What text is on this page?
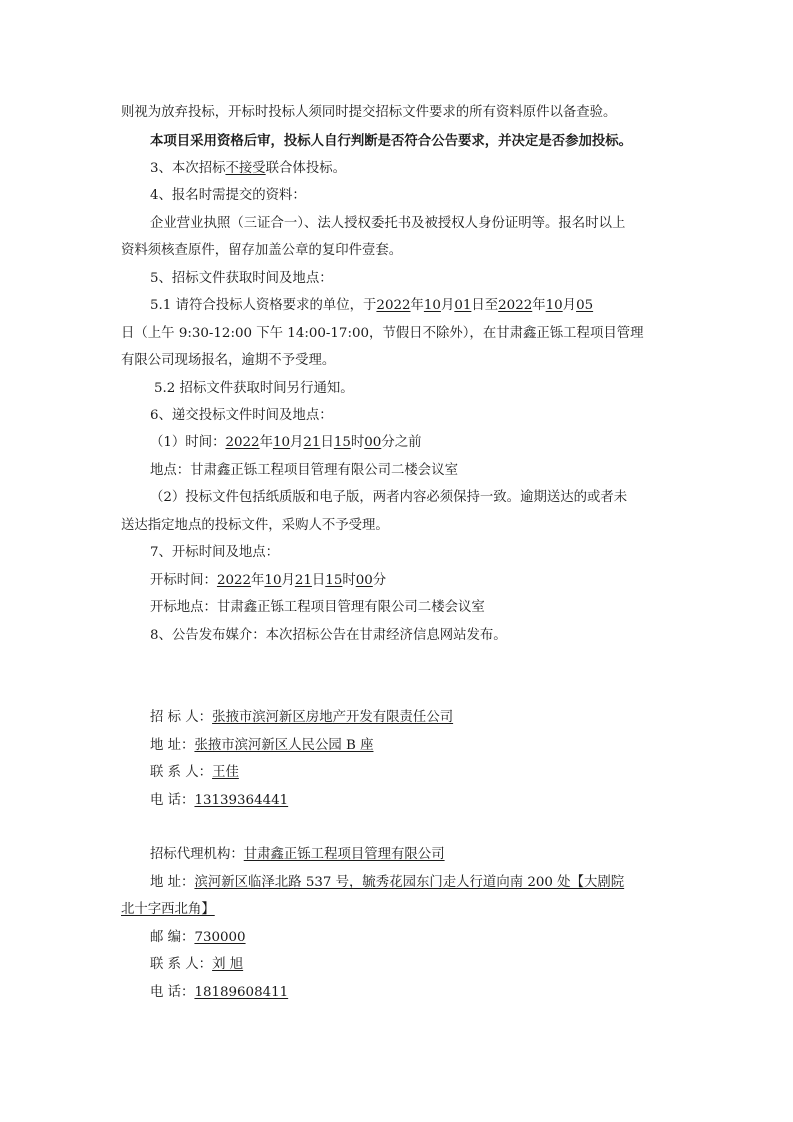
则视为放弃投标，开标时投标人须同时提交招标文件要求的所有资料原件以备查验。
本项目采用资格后审，投标人自行判断是否符合公告要求，并决定是否参加投标。
3、本次招标不接受联合体投标。
4、报名时需提交的资料：
企业营业执照（三证合一）、法人授权委托书及被授权人身份证明等。报名时以上
资料须核查原件，留存加盖公章的复印件壹套。
5、招标文件获取时间及地点：
5.1 请符合投标人资格要求的单位，于2022年10月01日至2022年10月05
日（上午 9:30-12:00 下午 14:00-17:00，节假日不除外），在甘肃鑫正铄工程项目管理
有限公司现场报名，逾期不予受理。
5.2 招标文件获取时间另行通知。
6、递交投标文件时间及地点：
（1）时间：2022年10月21日15时00分之前
地点：甘肃鑫正铄工程项目管理有限公司二楼会议室
（2）投标文件包括纸质版和电子版，两者内容必须保持一致。逾期送达的或者未
送达指定地点的投标文件，采购人不予受理。
7、开标时间及地点：
开标时间：2022年10月21日15时00分
开标地点：甘肃鑫正铄工程项目管理有限公司二楼会议室
8、公告发布媒介：本次招标公告在甘肃经济信息网站发布。
招 标 人：张掖市滨河新区房地产开发有限责任公司
地 址：张掖市滨河新区人民公园 B 座
联 系 人：王佳
电 话：13139364441
招标代理机构：甘肃鑫正铄工程项目管理有限公司
地 址：滨河新区临泽北路 537 号，毓秀花园东门走人行道向南 200 处【大剧院
北十字西北角】
邮 编：730000
联 系 人：刘 旭
电 话：18189608411
